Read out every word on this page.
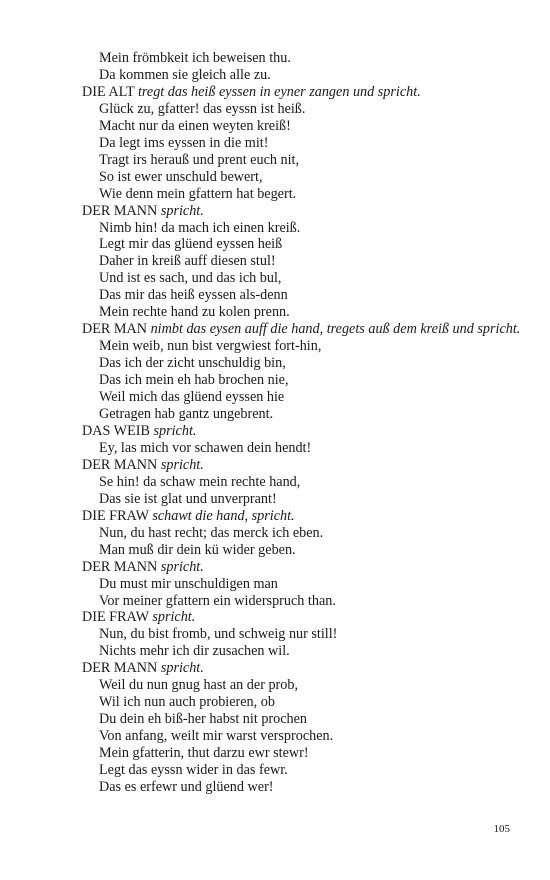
Mein frömbkeit ich beweisen thu.
Da kommen sie gleich alle zu.
DIE ALT tregt das heiß eyssen in eyner zangen und spricht.
Glück zu, gfatter! das eyssn ist heiß.
Macht nur da einen weyten kreiß!
Da legt ims eyssen in die mit!
Tragt irs herauß und prent euch nit,
So ist ewer unschuld bewert,
Wie denn mein gfattern hat begert.
DER MANN spricht.
Nimb hin! da mach ich einen kreiß.
Legt mir das glüend eyssen heiß
Daher in kreiß auff diesen stul!
Und ist es sach, und das ich bul,
Das mir das heiß eyssen als-denn
Mein rechte hand zu kolen prenn.
DER MAN nimbt das eysen auff die hand, tregets auß dem kreiß und spricht.
Mein weib, nun bist vergwiest fort-hin,
Das ich der zicht unschuldig bin,
Das ich mein eh hab brochen nie,
Weil mich das glüend eyssen hie
Getragen hab gantz ungebrent.
DAS WEIB spricht.
Ey, las mich vor schawen dein hendt!
DER MANN spricht.
Se hin! da schaw mein rechte hand,
Das sie ist glat und unverprant!
DIE FRAW schawt die hand, spricht.
Nun, du hast recht; das merck ich eben.
Man muß dir dein kü wider geben.
DER MANN spricht.
Du must mir unschuldigen man
Vor meiner gfattern ein widerspruch than.
DIE FRAW spricht.
Nun, du bist fromb, und schweig nur still!
Nichts mehr ich dir zusachen wil.
DER MANN spricht.
Weil du nun gnug hast an der prob,
Wil ich nun auch probieren, ob
Du dein eh biß-her habst nit prochen
Von anfang, weilt mir warst versprochen.
Mein gfatterin, thut darzu ewr stewr!
Legt das eyssn wider in das fewr.
Das es erfewr und glüend wer!
105
